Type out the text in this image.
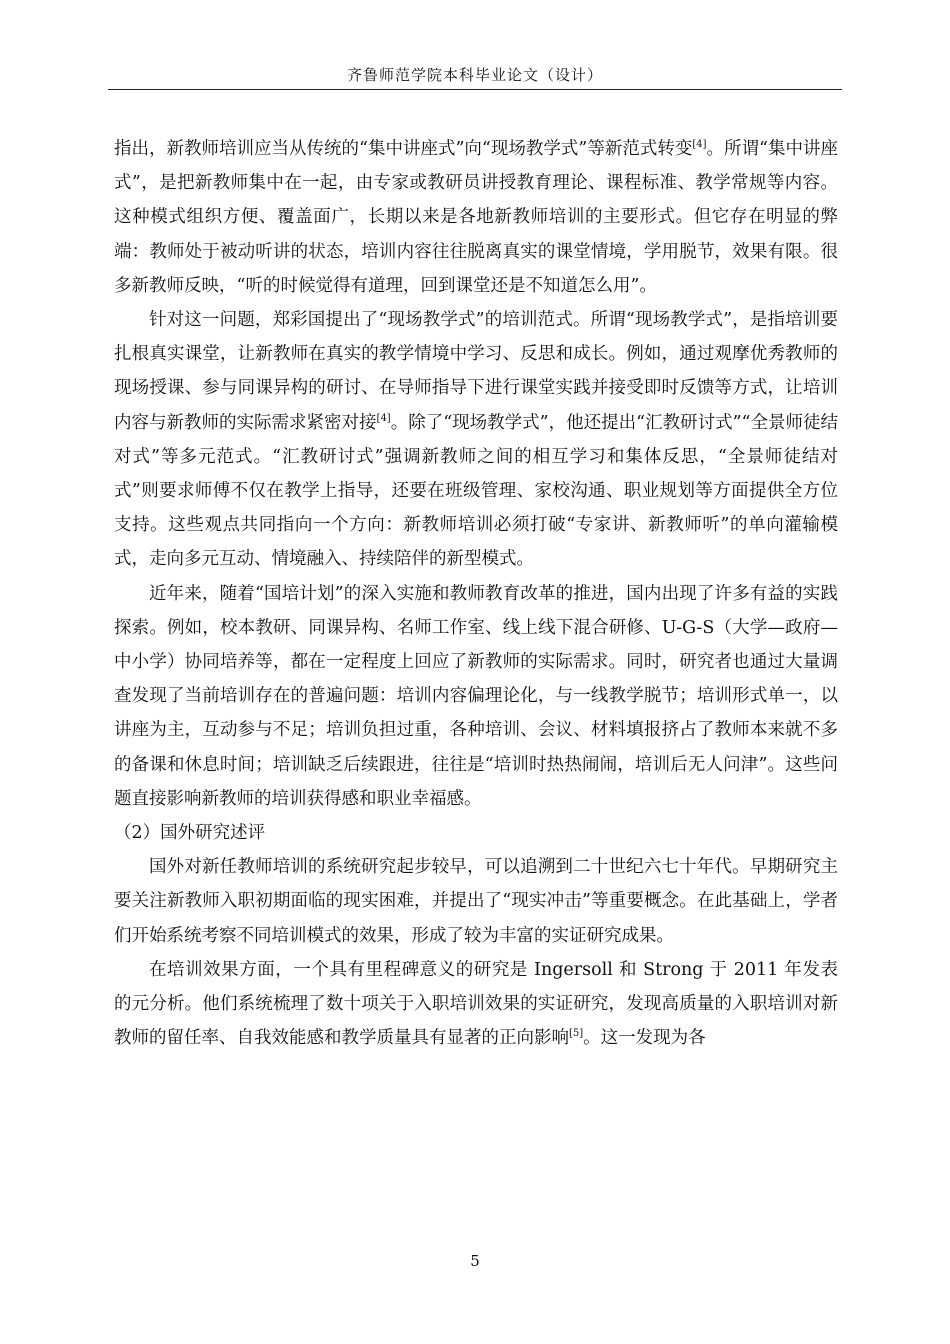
齐鲁师范学院本科毕业论文（设计）

指出，新教师培训应当从传统的“集中讲座式”向“现场教学式”等新范式转变[4]。所谓“集中讲座式”，是把新教师集中在一起，由专家或教研员讲授教育理论、课程标准、教学常规等内容。这种模式组织方便、覆盖面广，长期以来是各地新教师培训的主要形式。但它存在明显的弊端：教师处于被动听讲的状态，培训内容往往脱离真实的课堂情境，学用脱节，效果有限。很多新教师反映，“听的时候觉得有道理，回到课堂还是不知道怎么用”。

针对这一问题，郑彩国提出了“现场教学式”的培训范式。所谓“现场教学式”，是指培训要扎根真实课堂，让新教师在真实的教学情境中学习、反思和成长。例如，通过观摩优秀教师的现场授课、参与同课异构的研讨、在导师指导下进行课堂实践并接受即时反馈等方式，让培训内容与新教师的实际需求紧密对接[4]。除了“现场教学式”，他还提出“汇教研讨式”“全景师徒结对式”等多元范式。“汇教研讨式”强调新教师之间的相互学习和集体反思，“全景师徒结对式”则要求师傅不仅在教学上指导，还要在班级管理、家校沟通、职业规划等方面提供全方位支持。这些观点共同指向一个方向：新教师培训必须打破“专家讲、新教师听”的单向灌输模式，走向多元互动、情境融入、持续陪伴的新型模式。

近年来，随着“国培计划”的深入实施和教师教育改革的推进，国内出现了许多有益的实践探索。例如，校本教研、同课异构、名师工作室、线上线下混合研修、U-G-S（大学—政府—中小学）协同培养等，都在一定程度上回应了新教师的实际需求。同时，研究者也通过大量调查发现了当前培训存在的普遍问题：培训内容偏理论化，与一线教学脱节；培训形式单一，以讲座为主，互动参与不足；培训负担过重，各种培训、会议、材料填报挤占了教师本来就不多的备课和休息时间；培训缺乏后续跟进，往往是“培训时热热闹闹，培训后无人问津”。这些问题直接影响新教师的培训获得感和职业幸福感。

（2）国外研究述评

国外对新任教师培训的系统研究起步较早，可以追溯到二十世纪六七十年代。早期研究主要关注新教师入职初期面临的现实困难，并提出了“现实冲击”等重要概念。在此基础上，学者们开始系统考察不同培训模式的效果，形成了较为丰富的实证研究成果。

在培训效果方面，一个具有里程碑意义的研究是 Ingersoll 和 Strong 于 2011 年发表的元分析。他们系统梳理了数十项关于入职培训效果的实证研究，发现高质量的入职培训对新教师的留任率、自我效能感和教学质量具有显著的正向影响[5]。这一发现为各

5
